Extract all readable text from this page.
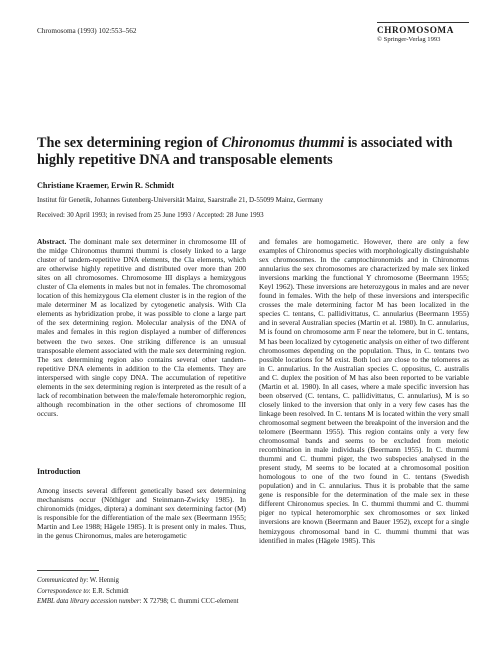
Chromosoma (1993) 102:553–562	CHROMOSOMA
© Springer-Verlag 1993
The sex determining region of Chironomus thummi is associated with highly repetitive DNA and transposable elements
Christiane Kraemer, Erwin R. Schmidt
Institut für Genetik, Johannes Gutenberg-Universität Mainz, Saarstraße 21, D-55099 Mainz, Germany
Received: 30 April 1993; in revised from 25 June 1993 / Accepted: 28 June 1993
Abstract. The dominant male sex determiner in chromosome III of the midge Chironomus thummi thummi is closely linked to a large cluster of tandem-repetitive DNA elements, the Cla elements, which are otherwise highly repetitive and distributed over more than 200 sites on all chromosomes. Chromosome III displays a hemizygous cluster of Cla elements in males but not in females. The chromosomal location of this hemizygous Cla element cluster is in the region of the male determiner M as localized by cytogenetic analysis. With Cla elements as hybridization probe, it was possible to clone a large part of the sex determining region. Molecular analysis of the DNA of males and females in this region displayed a number of differences between the two sexes. One striking difference is an unusual transposable element associated with the male sex determining region. The sex determining region also contains several other tandem-repetitive DNA elements in addition to the Cla elements. They are interspersed with single copy DNA. The accumulation of repetitive elements in the sex determining region is interpreted as the result of a lack of recombination between the male/female heteromorphic region, although recombination in the other sections of chromosome III occurs.
Introduction
Among insects several different genetically based sex determining mechanisms occur (Nöthiger and Steinmann-Zwicky 1985). In chironomids (midges, diptera) a dominant sex determining factor (M) is responsible for the differentiation of the male sex (Beermann 1955; Martin and Lee 1988; Hägele 1985). It is present only in males. Thus, in the genus Chironomus, males are heterogametic
Communicated by: W. Hennig
Correspondence to: E.R. Schmidt
EMBL data library accession number: X 72798; C. thummi CCC-element
and females are homogametic. However, there are only a few examples of Chironomus species with morphologically distinguishable sex chromosomes. In the camptochironomids and in Chironomus annularius the sex chromosomes are characterized by male sex linked inversions marking the functional Y chromosome (Beermann 1955; Keyl 1962). These inversions are heterozygous in males and are never found in females. With the help of these inversions and interspecific crosses the male determining factor M has been localized in the species C. tentans, C. pallidivittatus, C. annularius (Beermann 1955) and in several Australian species (Martin et al. 1980). In C. annularius, M is found on chromosome arm F near the telomere, but in C. tentans, M has been localized by cytogenetic analysis on either of two different chromosomes depending on the population. Thus, in C. tentans two possible locations for M exist. Both loci are close to the telomeres as in C. annularius. In the Australian species C. oppositus, C. australis and C. duplex the position of M has also been reported to be variable (Martin et al. 1980). In all cases, where a male specific inversion has been observed (C. tentans, C. pallidivittatus, C. annularius), M is so closely linked to the inversion that only in a very few cases has the linkage been resolved. In C. tentans M is located within the very small chromosomal segment between the breakpoint of the inversion and the telomere (Beermann 1955). This region contains only a very few chromosomal bands and seems to be excluded from meiotic recombination in male individuals (Beermann 1955). In C. thummi thummi and C. thummi piger, the two subspecies analysed in the present study, M seems to be located at a chromosomal position homologous to one of the two found in C. tentans (Swedish population) and in C. annularius. Thus it is probable that the same gene is responsible for the determination of the male sex in these different Chironomus species. In C. thummi thummi and C. thummi piger no typical heteromorphic sex chromosomes or sex linked inversions are known (Beermann and Bauer 1952), except for a single hemizygous chromosomal band in C. thummi thummi that was identified in males (Hägele 1985). This
